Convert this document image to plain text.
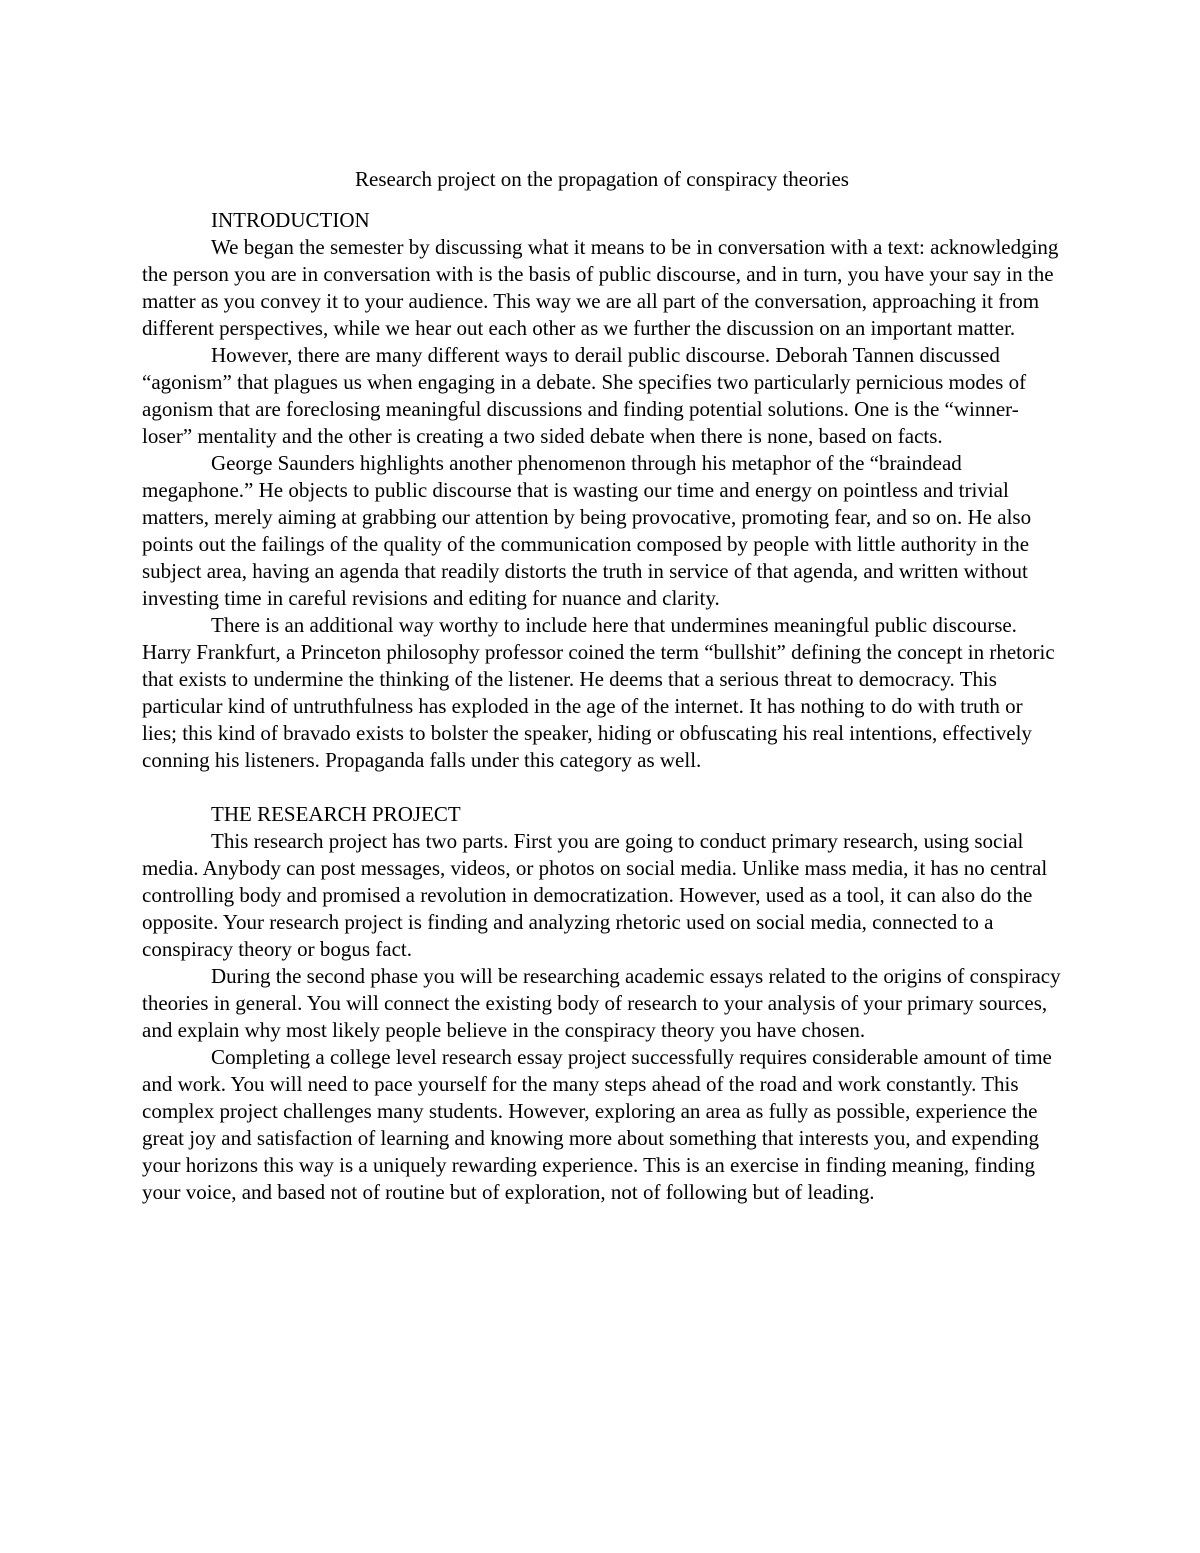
Research project on the propagation of conspiracy theories
INTRODUCTION

We began the semester by discussing what it means to be in conversation with a text: acknowledging the person you are in conversation with is the basis of public discourse, and in turn, you have your say in the matter as you convey it to your audience. This way we are all part of the conversation, approaching it from different perspectives, while we hear out each other as we further the discussion on an important matter.

However, there are many different ways to derail public discourse. Deborah Tannen discussed “agonism” that plagues us when engaging in a debate. She specifies two particularly pernicious modes of agonism that are foreclosing meaningful discussions and finding potential solutions. One is the “winner-loser” mentality and the other is creating a two sided debate when there is none, based on facts.

George Saunders highlights another phenomenon through his metaphor of the “braindead megaphone.” He objects to public discourse that is wasting our time and energy on pointless and trivial matters, merely aiming at grabbing our attention by being provocative, promoting fear, and so on. He also points out the failings of the quality of the communication composed by people with little authority in the subject area, having an agenda that readily distorts the truth in service of that agenda, and written without investing time in careful revisions and editing for nuance and clarity.

There is an additional way worthy to include here that undermines meaningful public discourse. Harry Frankfurt, a Princeton philosophy professor coined the term “bullshit” defining the concept in rhetoric that exists to undermine the thinking of the listener. He deems that a serious threat to democracy. This particular kind of untruthfulness has exploded in the age of the internet. It has nothing to do with truth or lies; this kind of bravado exists to bolster the speaker, hiding or obfuscating his real intentions, effectively conning his listeners. Propaganda falls under this category as well.

THE RESEARCH PROJECT

This research project has two parts. First you are going to conduct primary research, using social media. Anybody can post messages, videos, or photos on social media. Unlike mass media, it has no central controlling body and promised a revolution in democratization. However, used as a tool, it can also do the opposite. Your research project is finding and analyzing rhetoric used on social media, connected to a conspiracy theory or bogus fact.

During the second phase you will be researching academic essays related to the origins of conspiracy theories in general. You will connect the existing body of research to your analysis of your primary sources, and explain why most likely people believe in the conspiracy theory you have chosen.

Completing a college level research essay project successfully requires considerable amount of time and work. You will need to pace yourself for the many steps ahead of the road and work constantly. This complex project challenges many students. However, exploring an area as fully as possible, experience the great joy and satisfaction of learning and knowing more about something that interests you, and expending your horizons this way is a uniquely rewarding experience. This is an exercise in finding meaning, finding your voice, and based not of routine but of exploration, not of following but of leading.
